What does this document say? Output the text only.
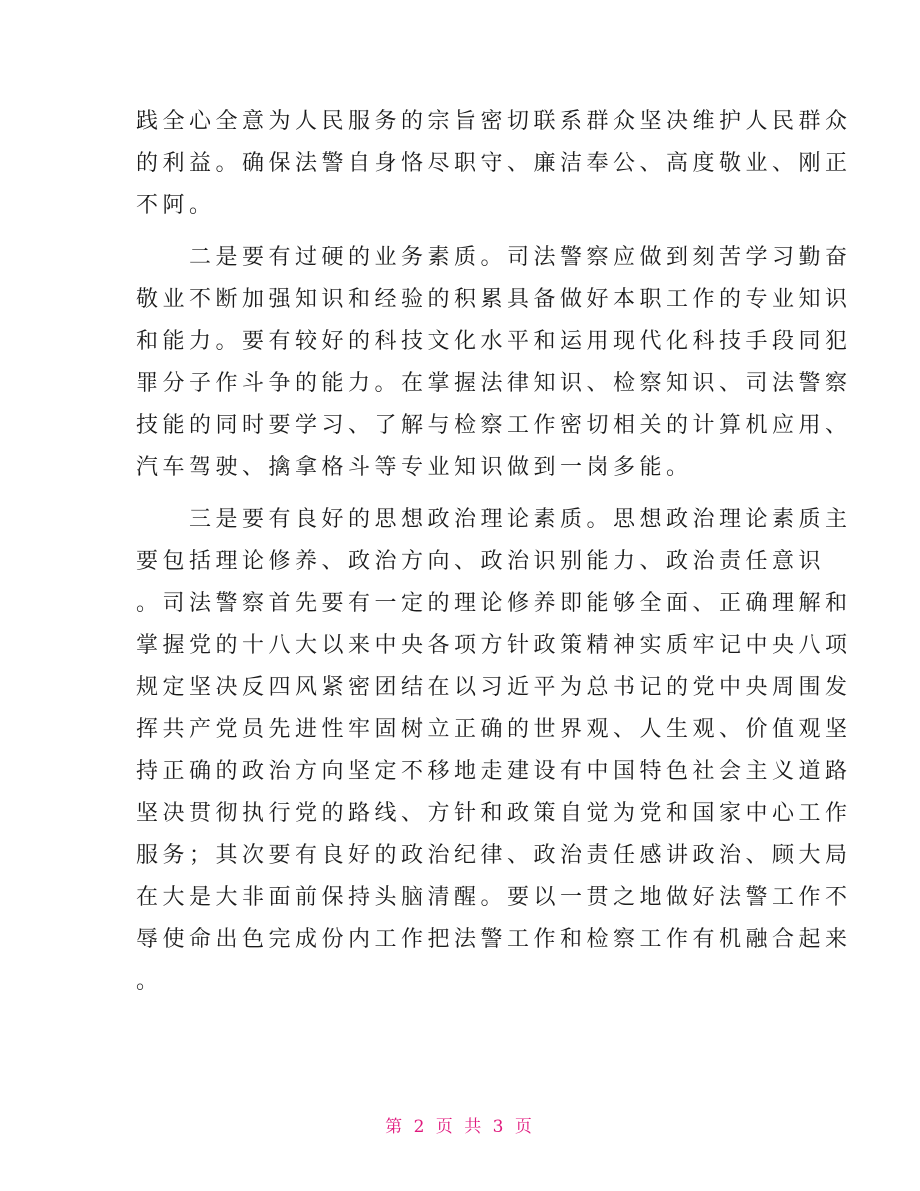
践全心全意为人民服务的宗旨密切联系群众坚决维护人民群众
的利益。确保法警自身恪尽职守、廉洁奉公、高度敬业、刚正
不阿。
　　二是要有过硬的业务素质。司法警察应做到刻苦学习勤奋
敬业不断加强知识和经验的积累具备做好本职工作的专业知识
和能力。要有较好的科技文化水平和运用现代化科技手段同犯
罪分子作斗争的能力。在掌握法律知识、检察知识、司法警察
技能的同时要学习、了解与检察工作密切相关的计算机应用、
汽车驾驶、擒拿格斗等专业知识做到一岗多能。
　　三是要有良好的思想政治理论素质。思想政治理论素质主
要包括理论修养、政治方向、政治识别能力、政治责任意识
。司法警察首先要有一定的理论修养即能够全面、正确理解和
掌握党的十八大以来中央各项方针政策精神实质牢记中央八项
规定坚决反四风紧密团结在以习近平为总书记的党中央周围发
挥共产党员先进性牢固树立正确的世界观、人生观、价值观坚
持正确的政治方向坚定不移地走建设有中国特色社会主义道路
坚决贯彻执行党的路线、方针和政策自觉为党和国家中心工作
服务；其次要有良好的政治纪律、政治责任感讲政治、顾大局
在大是大非面前保持头脑清醒。要以一贯之地做好法警工作不
辱使命出色完成份内工作把法警工作和检察工作有机融合起来
。
第 2 页 共 3 页
